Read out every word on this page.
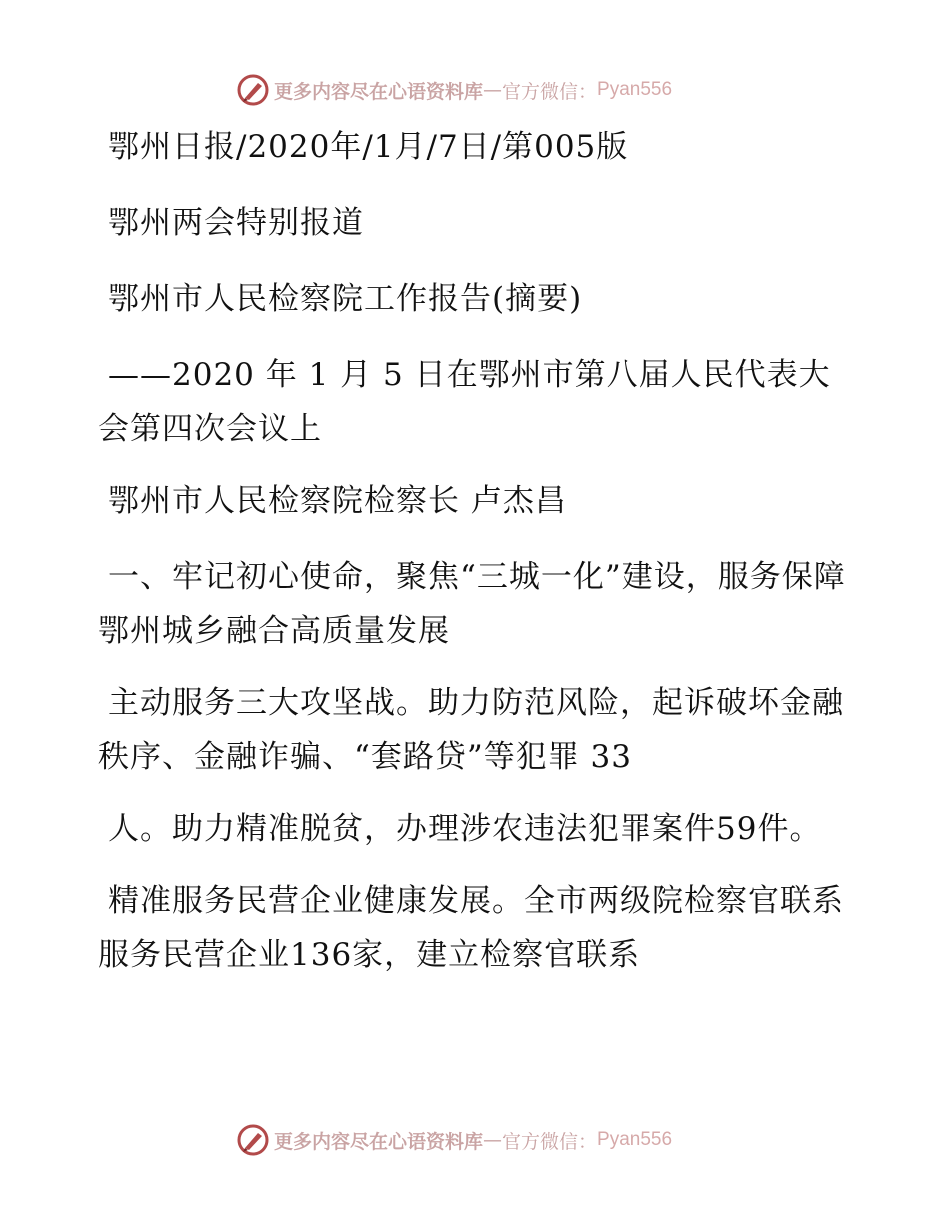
更多内容尽在心语资料库 — 官方微信： Pyan556

鄂州日报/2020年/1月/7日/第005版

鄂州两会特别报道

鄂州市人民检察院工作报告(摘要)

——2020 年 1 月 5 日在鄂州市第八届人民代表大会第四次会议上

鄂州市人民检察院检察长 卢杰昌

一、牢记初心使命，聚焦“三城一化”建设，服务保障鄂州城乡融合高质量发展

主动服务三大攻坚战。助力防范风险，起诉破坏金融秩序、金融诈骗、“套路贷”等犯罪 33

人。助力精准脱贫，办理涉农违法犯罪案件59件。

精准服务民营企业健康发展。全市两级院检察官联系服务民营企业136家，建立检察官联系

更多内容尽在心语资料库 — 官方微信： Pyan556
